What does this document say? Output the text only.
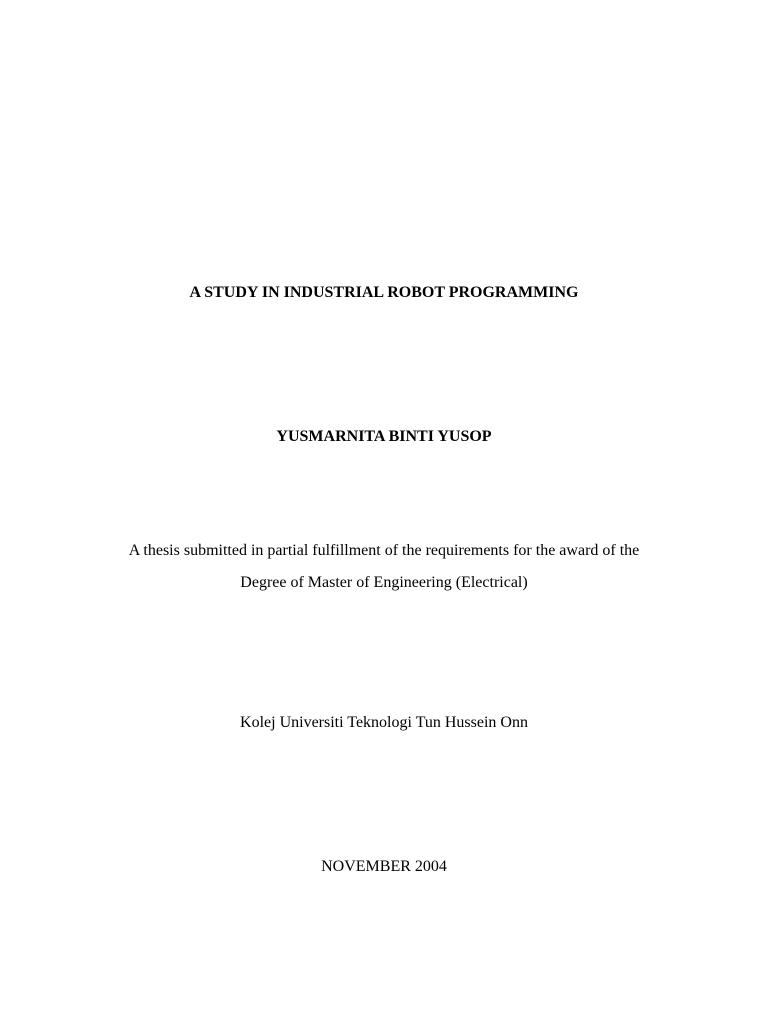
A STUDY IN INDUSTRIAL ROBOT PROGRAMMING
YUSMARNITA BINTI YUSOP
A thesis submitted in partial fulfillment of the requirements for the award of the
Degree of Master of Engineering (Electrical)
Kolej Universiti Teknologi Tun Hussein Onn
NOVEMBER 2004
